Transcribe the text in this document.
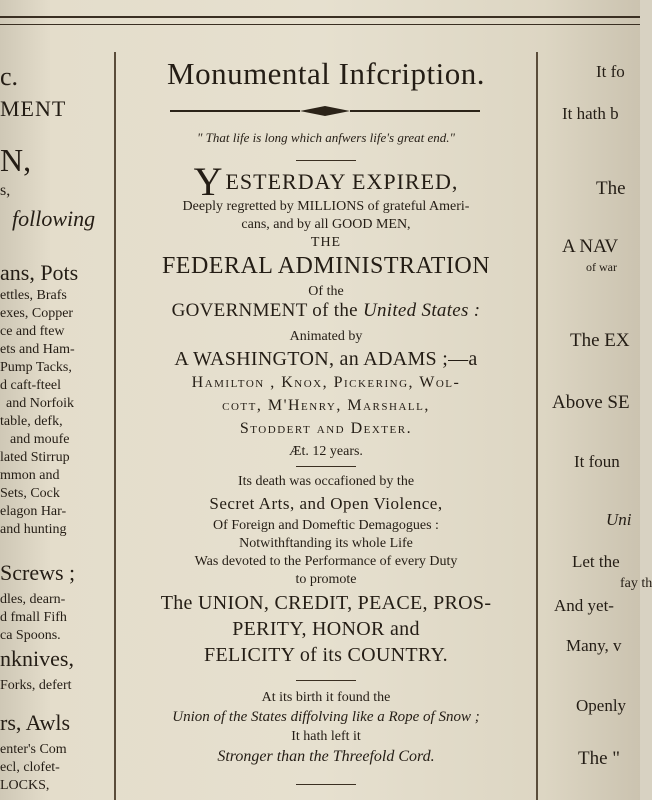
c.
MENT
N,
s,
following
ans, Pots
ettles, Brafs
exes, Copper
ce and ftew
ets and Ham-
Pump Tacks,
d caft-fteel
and Norfoik
table, defk,
and moufe
lated Stirrup
mmon and
Sets, Cock
elagon Har-
and hunting
Screws ;
dles, dearn-
d fmall Fifh
ca Spoons.
nknives,
Forks, defert
rs, Awls
enter's Com
ecl, clofet-
LOCKS,
Monumental Infcription.
" That life is long which anfwers life's great end."
YESTERDAY EXPIRED,
Deeply regretted by MILLIONS of grateful Ameri-
cans, and by all GOOD MEN,
THE
FEDERAL ADMINISTRATION
Of the
GOVERNMENT of the United States :
Animated by
A WASHINGTON, an ADAMS ;—a
Hamilton , Knox, Pickering, Wol-
cott, M'Henry, Marshall,
Stoddert and Dexter.
Æt. 12 years.
Its death was occafioned by the
Secret Arts, and Open Violence,
Of Foreign and Domeftic Demagogues :
Notwithftanding its whole Life
Was devoted to the Performance of every Duty
to promote
The UNION, CREDIT, PEACE, PROS-
PERITY, HONOR and
FELICITY of its COUNTRY.
At its birth it found the
Union of the States diffolving like a Rope of Snow ;
It hath left it
Stronger than the Threefold Cord.
It fo
It hath b
The
A NAV
of war
The EX
Above SE
It foun
Uni
Let the
fay th
And yet-
Many, v
Openly
The "
